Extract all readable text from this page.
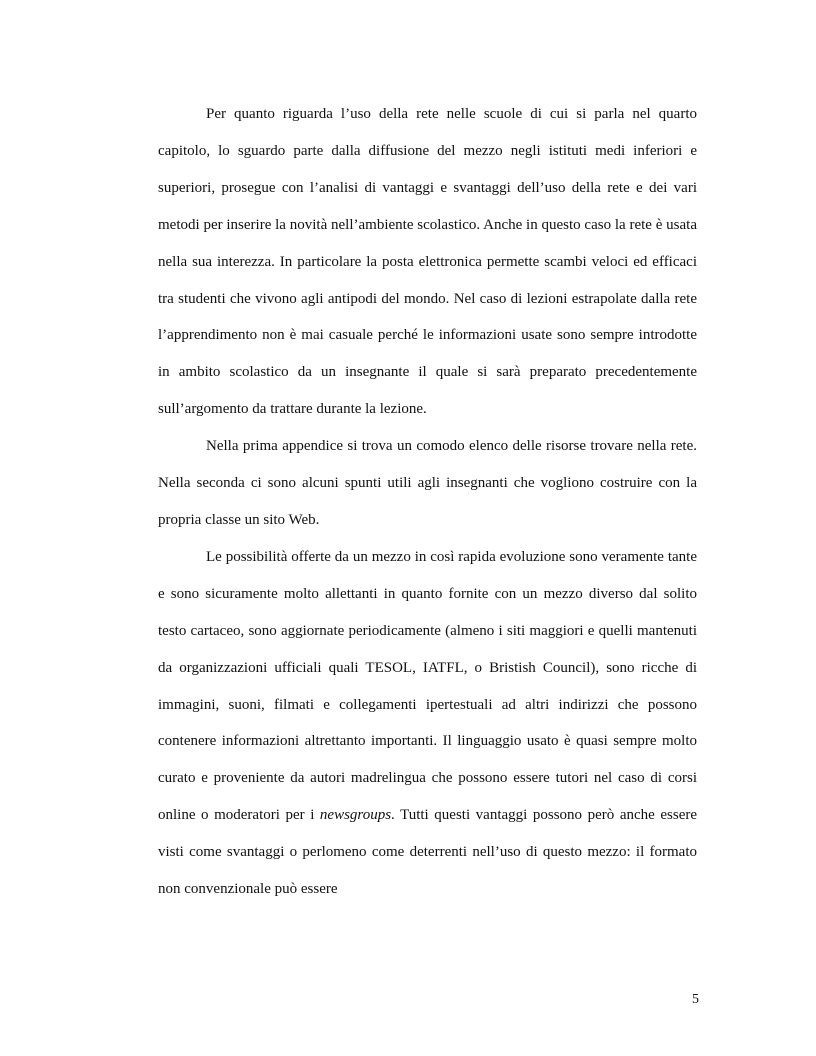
Per quanto riguarda l’uso della rete nelle scuole di cui si parla nel quarto capitolo, lo sguardo parte dalla diffusione del mezzo negli istituti medi inferiori e superiori, prosegue con l’analisi di vantaggi e svantaggi dell’uso della rete e dei vari metodi per inserire la novità nell’ambiente scolastico. Anche in questo caso la rete è usata nella sua interezza. In particolare la posta elettronica permette scambi veloci ed efficaci tra studenti che vivono agli antipodi del mondo. Nel caso di lezioni estrapolate dalla rete l’apprendimento non è mai casuale perché le informazioni usate sono sempre introdotte in ambito scolastico da un insegnante il quale si sarà preparato precedentemente sull’argomento da trattare durante la lezione.

Nella prima appendice si trova un comodo elenco delle risorse trovare nella rete. Nella seconda ci sono alcuni spunti utili agli insegnanti che vogliono costruire con la propria classe un sito Web.

Le possibilità offerte da un mezzo in così rapida evoluzione sono veramente tante e sono sicuramente molto allettanti in quanto fornite con un mezzo diverso dal solito testo cartaceo, sono aggiornate periodicamente (almeno i siti maggiori e quelli mantenuti da organizzazioni ufficiali quali TESOL, IATFL, o Bristish Council), sono ricche di immagini, suoni, filmati e collegamenti ipertestuali ad altri indirizzi che possono contenere informazioni altrettanto importanti. Il linguaggio usato è quasi sempre molto curato e proveniente da autori madrelingua che possono essere tutori nel caso di corsi online o moderatori per i newsgroups. Tutti questi vantaggi possono però anche essere visti come svantaggi o perlomeno come deterrenti nell’uso di questo mezzo: il formato non convenzionale può essere

5
